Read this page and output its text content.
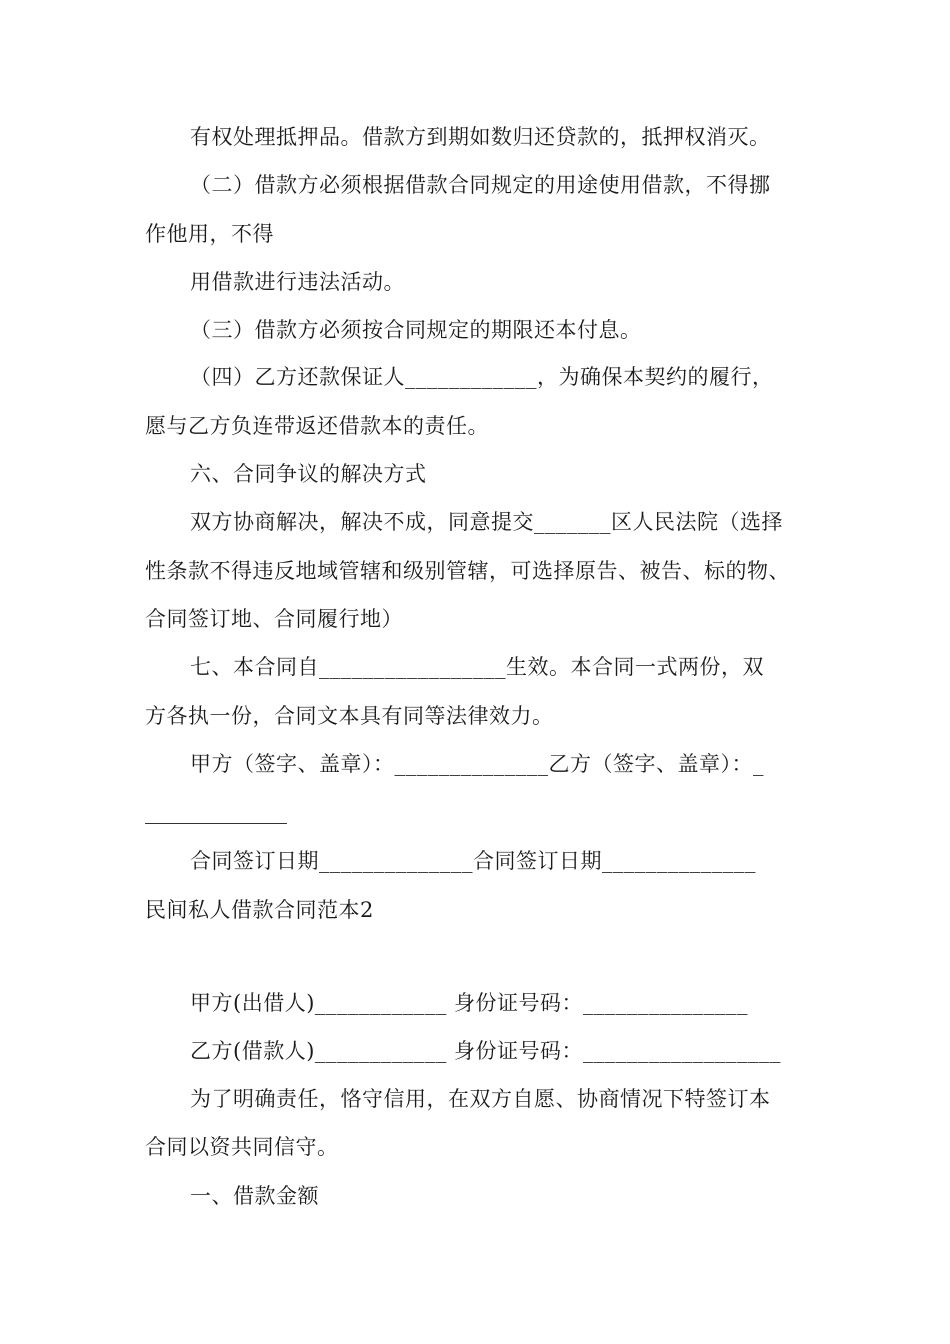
有权处理抵押品。借款方到期如数归还贷款的，抵押权消灭。
（二）借款方必须根据借款合同规定的用途使用借款，不得挪
作他用，不得
用借款进行违法活动。
（三）借款方必须按合同规定的期限还本付息。
（四）乙方还款保证人____________，为确保本契约的履行，
愿与乙方负连带返还借款本的责任。
六、合同争议的解决方式
双方协商解决，解决不成，同意提交_______区人民法院（选择
性条款不得违反地域管辖和级别管辖，可选择原告、被告、标的物、
合同签订地、合同履行地）
七、本合同自_________________生效。本合同一式两份，双
方各执一份，合同文本具有同等法律效力。
甲方（签字、盖章）：______________乙方（签字、盖章）：_
合同签订日期______________合同签订日期______________
民间私人借款合同范本2
甲方(出借人)____________ 身份证号码：_______________
乙方(借款人)____________ 身份证号码：__________________
为了明确责任，恪守信用，在双方自愿、协商情况下特签订本
合同以资共同信守。
一、借款金额
